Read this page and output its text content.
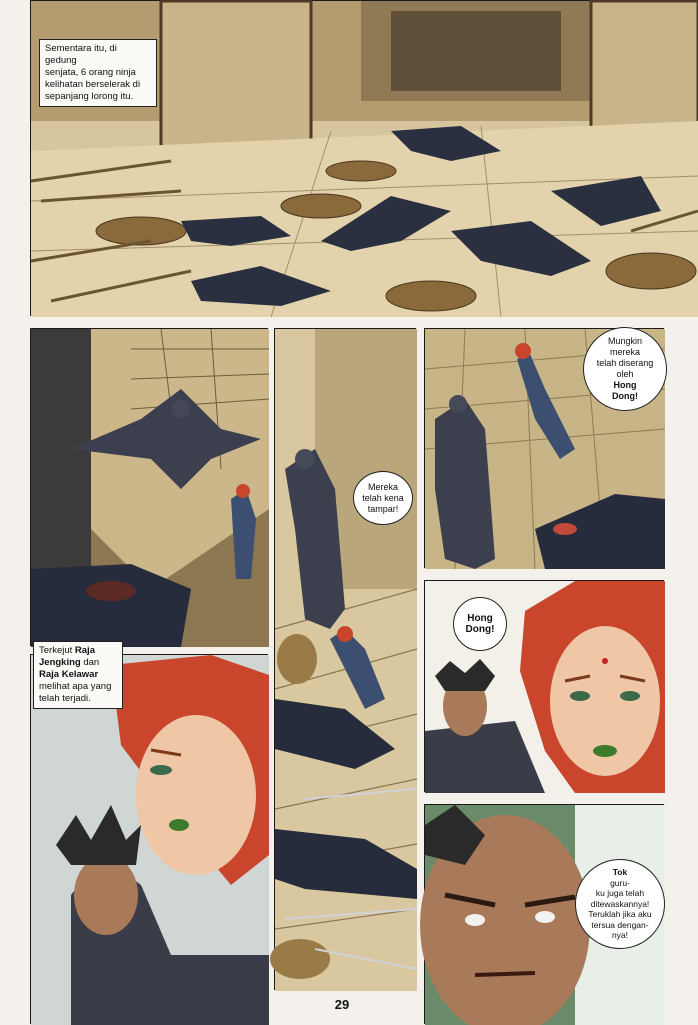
Sementara itu, di gedung
senjata, 6 orang ninja
kelihatan berselerak di
sepanjang lorong itu.
Mereka
telah kena
tampar!
Mungkin
mereka
telah diserang
oleh
Hong
Dong!
Hong
Dong!
Terkejut Raja
Jengking dan
Raja Kelawar
melihat apa yang
telah terjadi.
Tok
guru-
ku juga telah
ditewaskannya!
Teruklah jika aku
tersua dengan-
nya!
29
